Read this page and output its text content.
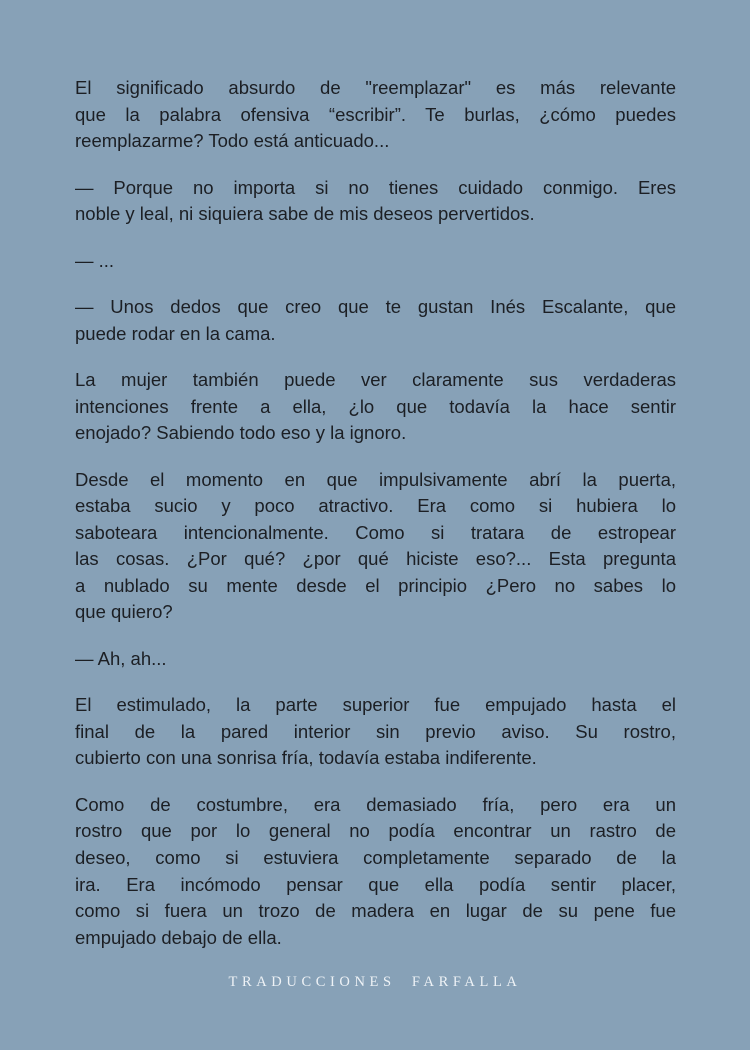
El significado absurdo de "reemplazar" es más relevante
que la palabra ofensiva “escribir”. Te burlas, ¿cómo puedes
reemplazarme? Todo está anticuado...
— Porque no importa si no tienes cuidado conmigo. Eres
noble y leal, ni siquiera sabe de mis deseos pervertidos.
— ...
— Unos dedos que creo que te gustan Inés Escalante, que
puede rodar en la cama.
La mujer también puede ver claramente sus verdaderas
intenciones frente a ella, ¿lo que todavía la hace sentir
enojado? Sabiendo todo eso y la ignoro.
Desde el momento en que impulsivamente abrí la puerta,
estaba sucio y poco atractivo. Era como si hubiera lo
saboteara intencionalmente. Como si tratara de estropear
las cosas. ¿Por qué? ¿por qué hiciste eso?... Esta pregunta
a nublado su mente desde el principio ¿Pero no sabes lo
que quiero?
— Ah, ah...
El estimulado, la parte superior fue empujado hasta el
final de la pared interior sin previo aviso. Su rostro,
cubierto con una sonrisa fría, todavía estaba indiferente.
Como de costumbre, era demasiado fría, pero era un
rostro que por lo general no podía encontrar un rastro de
deseo, como si estuviera completamente separado de la
ira. Era incómodo pensar que ella podía sentir placer,
como si fuera un trozo de madera en lugar de su pene fue
empujado debajo de ella.
TRADUCCIONES FARFALLA
